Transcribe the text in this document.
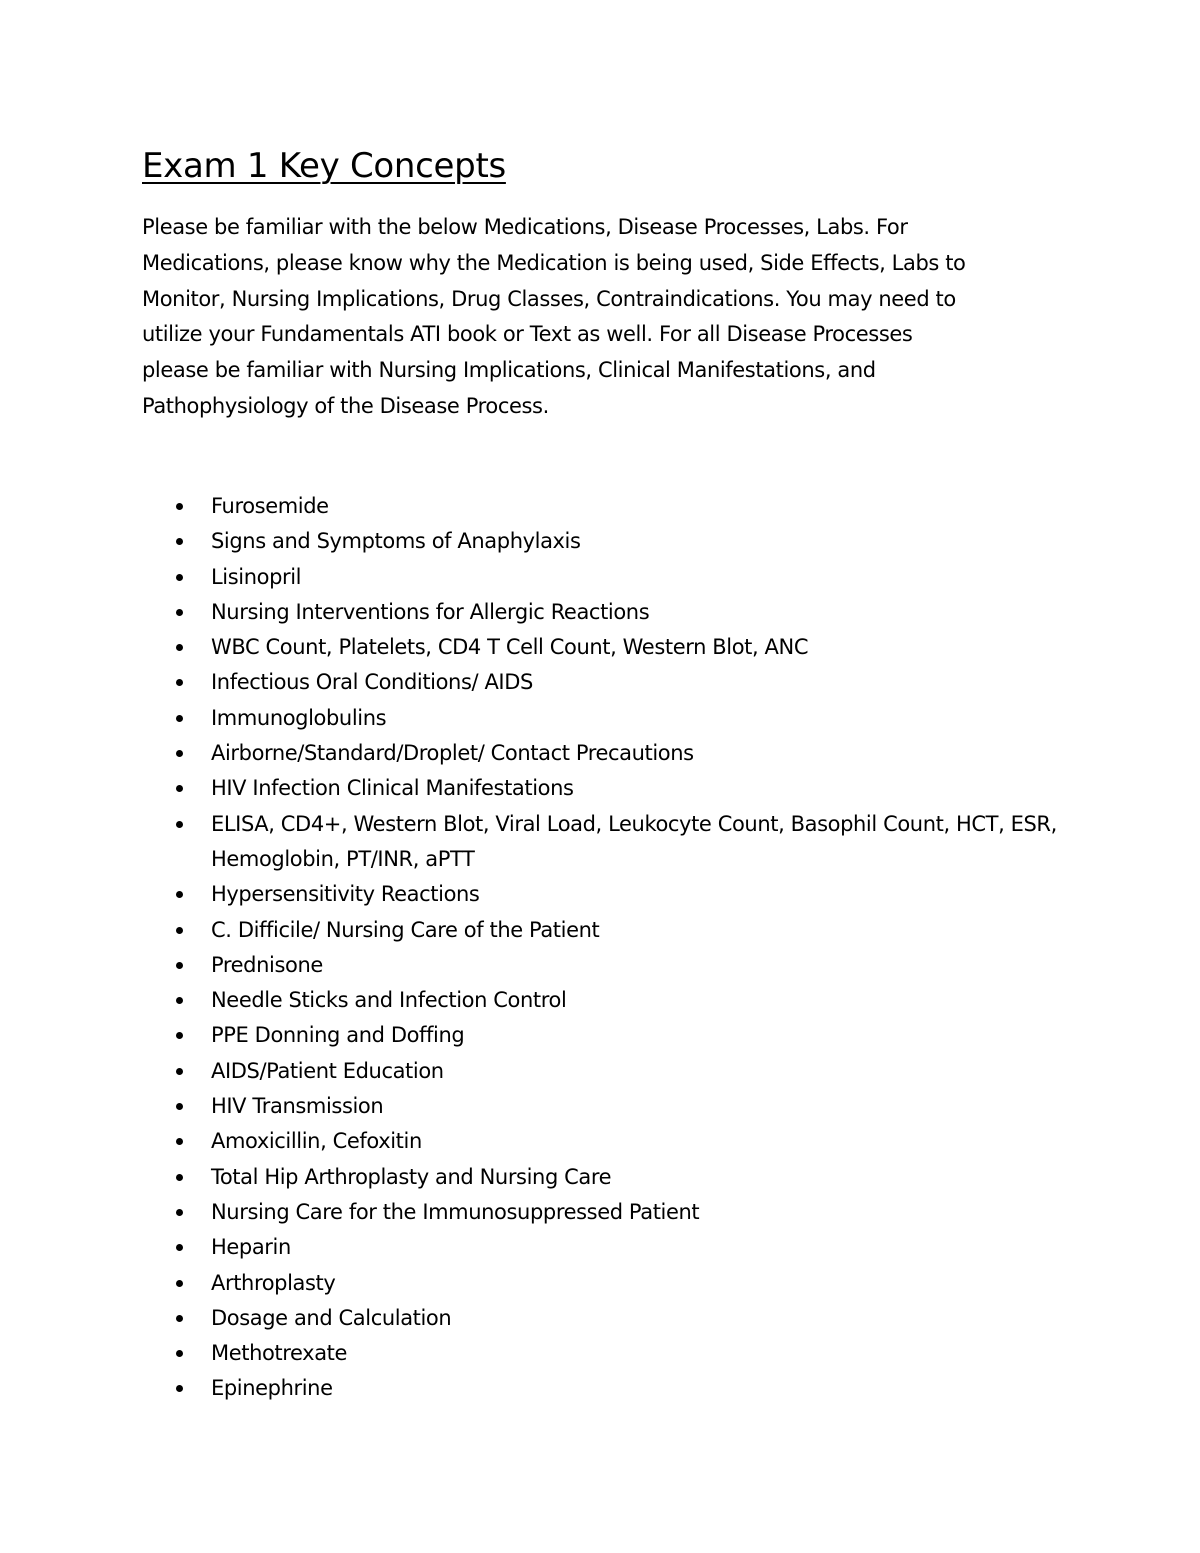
Exam 1 Key Concepts

Please be familiar with the below Medications, Disease Processes, Labs. For
Medications, please know why the Medication is being used, Side Effects, Labs to
Monitor, Nursing Implications, Drug Classes, Contraindications. You may need to
utilize your Fundamentals ATI book or Text as well. For all Disease Processes
please be familiar with Nursing Implications, Clinical Manifestations, and
Pathophysiology of the Disease Process.

Furosemide
Signs and Symptoms of Anaphylaxis
Lisinopril
Nursing Interventions for Allergic Reactions
WBC Count, Platelets, CD4 T Cell Count, Western Blot, ANC
Infectious Oral Conditions/ AIDS
Immunoglobulins
Airborne/Standard/Droplet/ Contact Precautions
HIV Infection Clinical Manifestations
ELISA, CD4+, Western Blot, Viral Load, Leukocyte Count, Basophil Count, HCT, ESR, Hemoglobin, PT/INR, aPTT
Hypersensitivity Reactions
C. Difficile/ Nursing Care of the Patient
Prednisone
Needle Sticks and Infection Control
PPE Donning and Doffing
AIDS/Patient Education
HIV Transmission
Amoxicillin, Cefoxitin
Total Hip Arthroplasty and Nursing Care
Nursing Care for the Immunosuppressed Patient
Heparin
Arthroplasty
Dosage and Calculation
Methotrexate
Epinephrine
